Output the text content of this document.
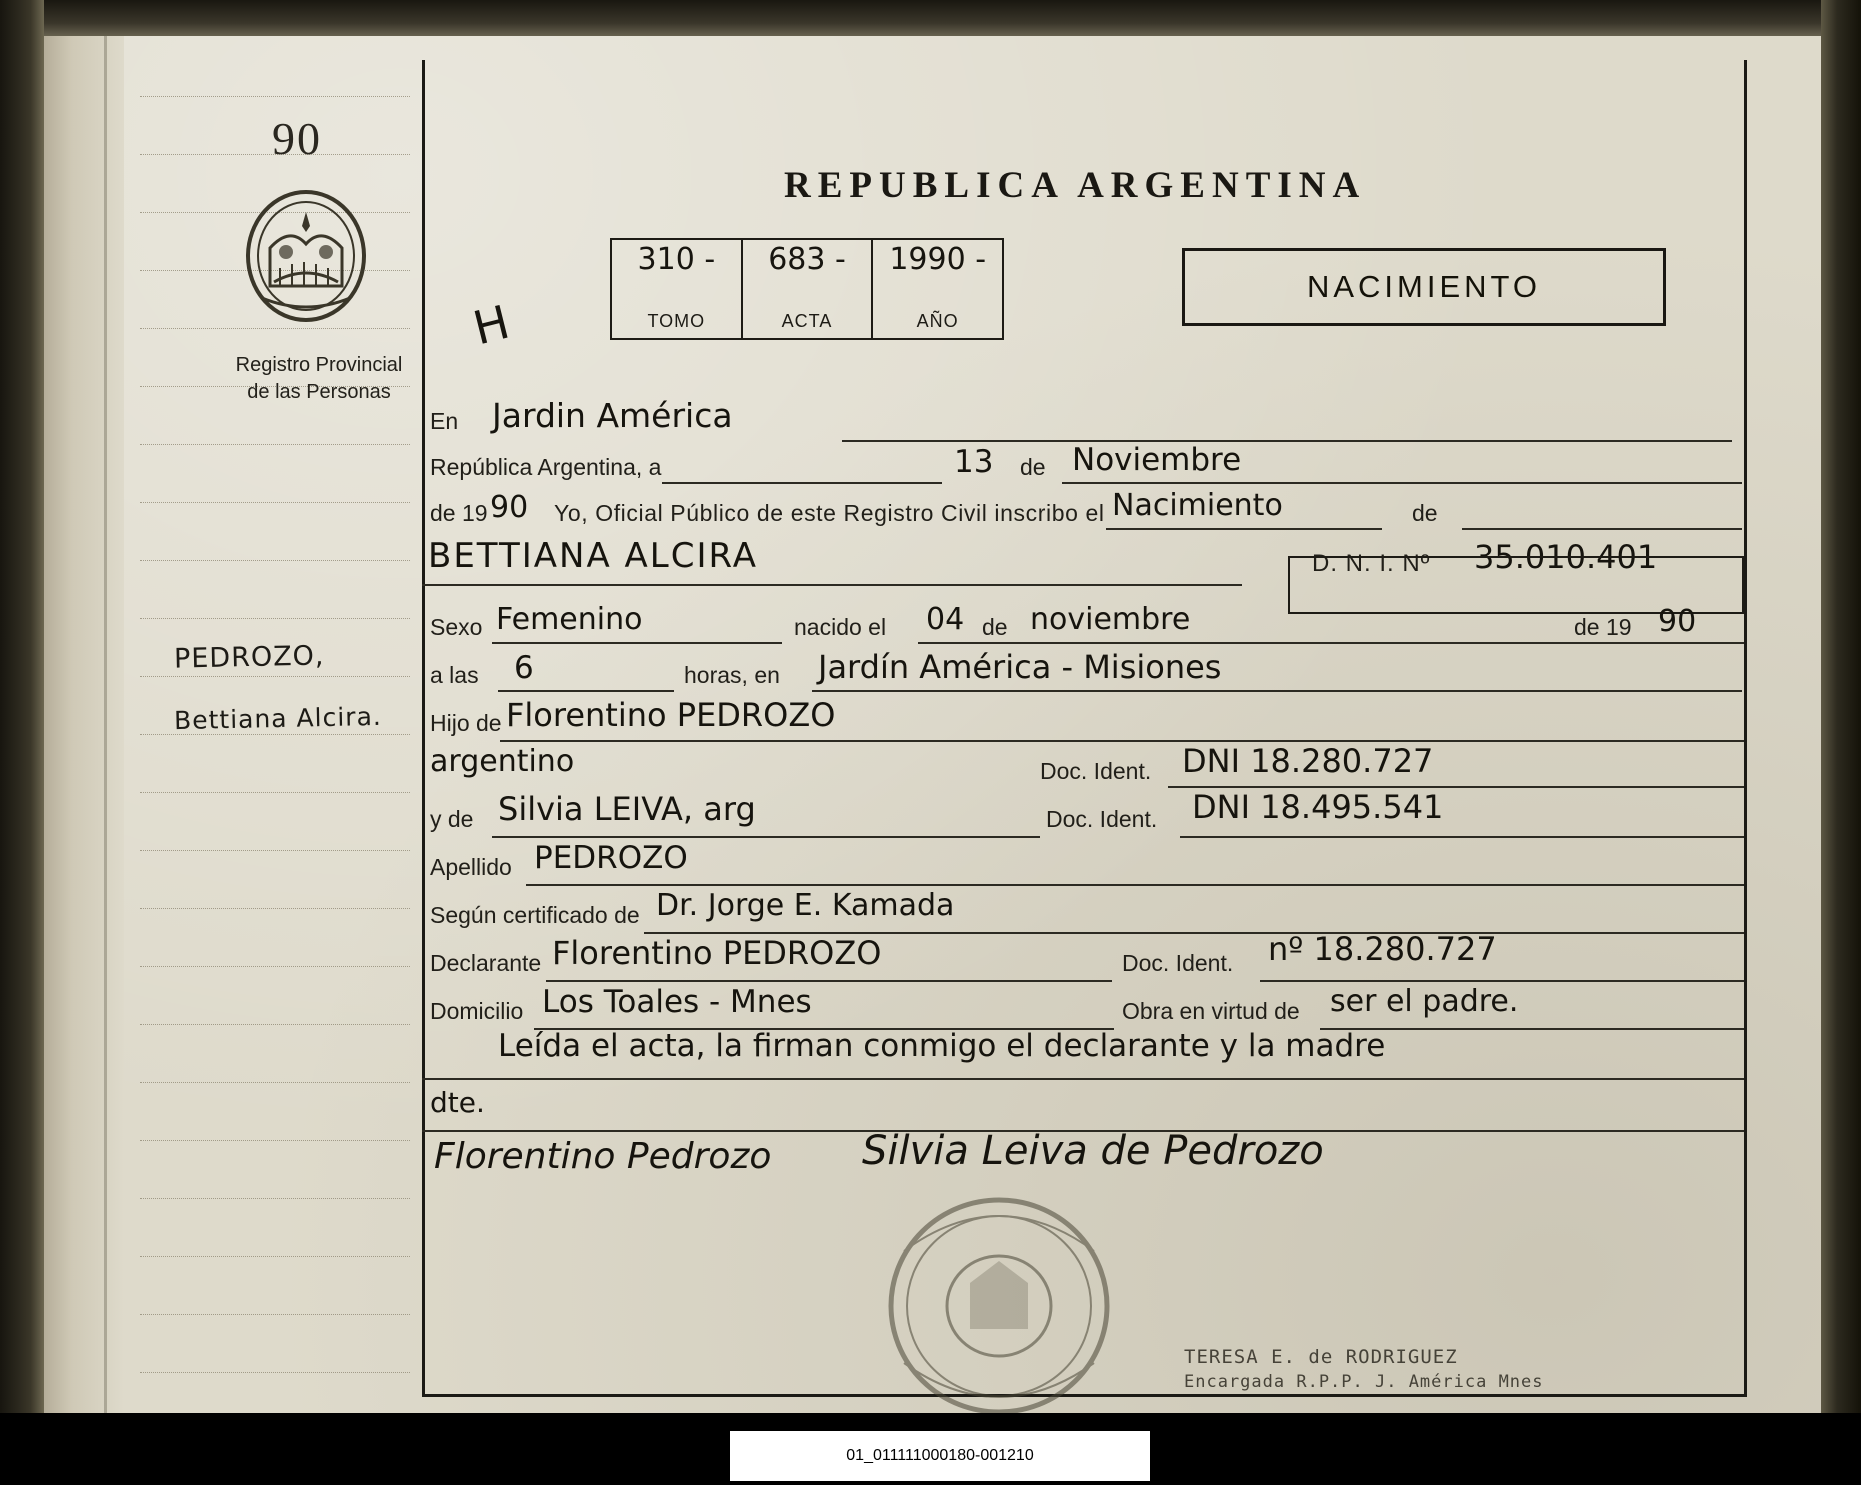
90
Registro Provincial
de las Personas
PEDROZO,
Bettiana Alcira.
REPUBLICA ARGENTINA
310 -
TOMO
683 -
ACTA
1990 -
AÑO
H
NACIMIENTO
En Jardin América
República Argentina, a	13 de Noviembre
de 19 90 Yo, Oficial Público de este Registro Civil inscribo el Nacimiento	de
BETTIANA ALCIRA	D. N. I. Nº 35.010.401
Sexo Femenino	nacido el 04 de noviembre	de 19 90
a las 6	horas, en Jardín América - Misiones
Hijo de Florentino PEDROZO
argentino	Doc. Ident. DNI 18.280.727
y de Silvia LEIVA, arg	Doc. Ident. DNI 18.495.541
Apellido PEDROZO
Según certificado de Dr. Jorge E. Kamada
Declarante Florentino PEDROZO	Doc. Ident. nº 18.280.727
Domicilio Los Toales - Mnes	Obra en virtud de ser el padre.
Leída el acta, la firman conmigo el declarante y la madre
dte.
Florentino Pedrozo Silvia Leiva de Pedrozo
TERESA E. de RODRIGUEZ
Encargada R.P.P. J. América Mnes
01_011111000180-001210
